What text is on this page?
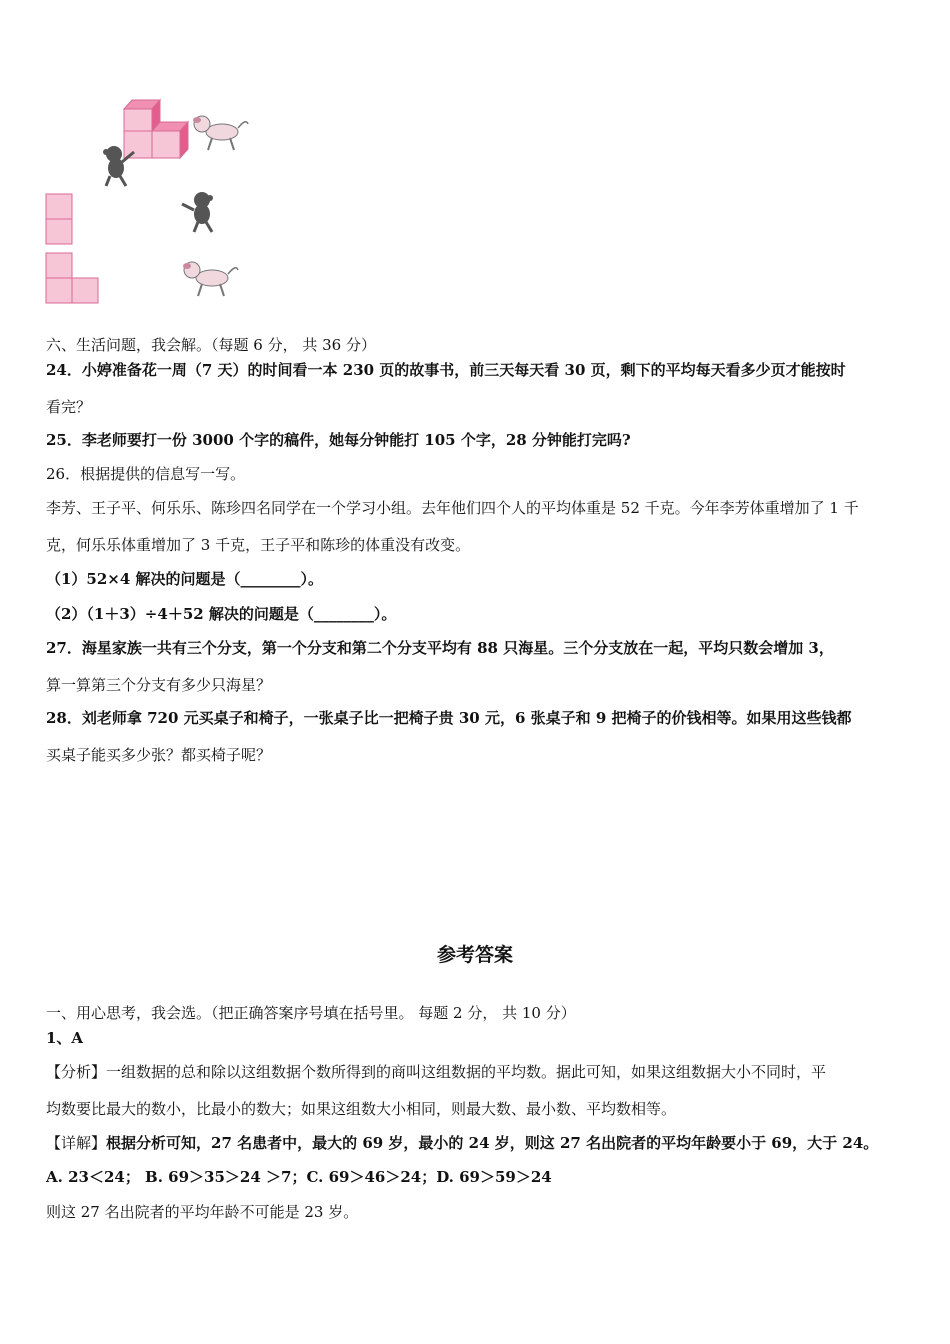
六、生活问题，我会解。（每题 6 分， 共 36 分）
24．小婷准备花一周（7 天）的时间看一本 230 页的故事书，前三天每天看 30 页，剩下的平均每天看多少页才能按时
看完？
25．李老师要打一份 3000 个字的稿件，她每分钟能打 105 个字，28 分钟能打完吗?
26．根据提供的信息写一写。
李芳、王子平、何乐乐、陈珍四名同学在一个学习小组。去年他们四个人的平均体重是 52 千克。今年李芳体重增加了 1 千
克，何乐乐体重增加了 3 千克，王子平和陈珍的体重没有改变。
（1）52×4 解决的问题是（________）。
（2）（1＋3）÷4＋52 解决的问题是（________）。
27．海星家族一共有三个分支，第一个分支和第二个分支平均有 88 只海星。三个分支放在一起，平均只数会增加 3，
算一算第三个分支有多少只海星？
28．刘老师拿 720 元买桌子和椅子，一张桌子比一把椅子贵 30 元，6 张桌子和 9 把椅子的价钱相等。如果用这些钱都
买桌子能买多少张？都买椅子呢？
参考答案
一、用心思考，我会选。（把正确答案序号填在括号里。 每题 2 分， 共 10 分）
1、A
【分析】一组数据的总和除以这组数据个数所得到的商叫这组数据的平均数。据此可知，如果这组数据大小不同时，平
均数要比最大的数小，比最小的数大；如果这组数大小相同，则最大数、最小数、平均数相等。
【详解】根据分析可知，27 名患者中，最大的 69 岁，最小的 24 岁，则这 27 名出院者的平均年龄要小于 69，大于 24。
A. 23＜24； B. 69＞35＞24 ＞7；C. 69＞46＞24；D. 69＞59＞24
则这 27 名出院者的平均年龄不可能是 23 岁。
